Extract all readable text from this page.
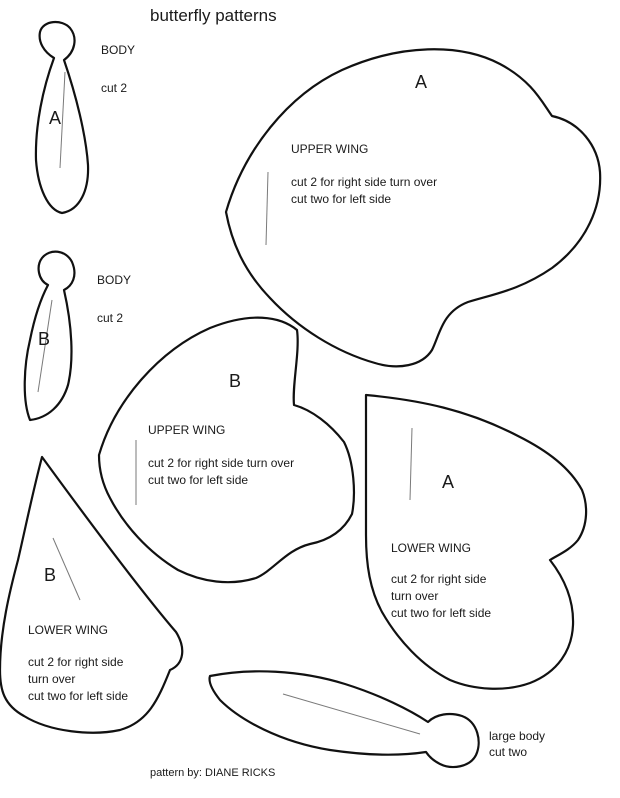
butterfly patterns
BODY
cut 2
A
BODY
cut 2
B
A
UPPER WING
cut 2 for right side turn over
cut two for left side
B
UPPER WING
cut 2 for right side turn over
cut two for left side	A
LOWER WING
cut 2 for right side
turn over
cut two for left side
B
LOWER WING
cut 2 for right side
turn over
cut two for left side
large body
cut two
pattern by: DIANE RICKS
